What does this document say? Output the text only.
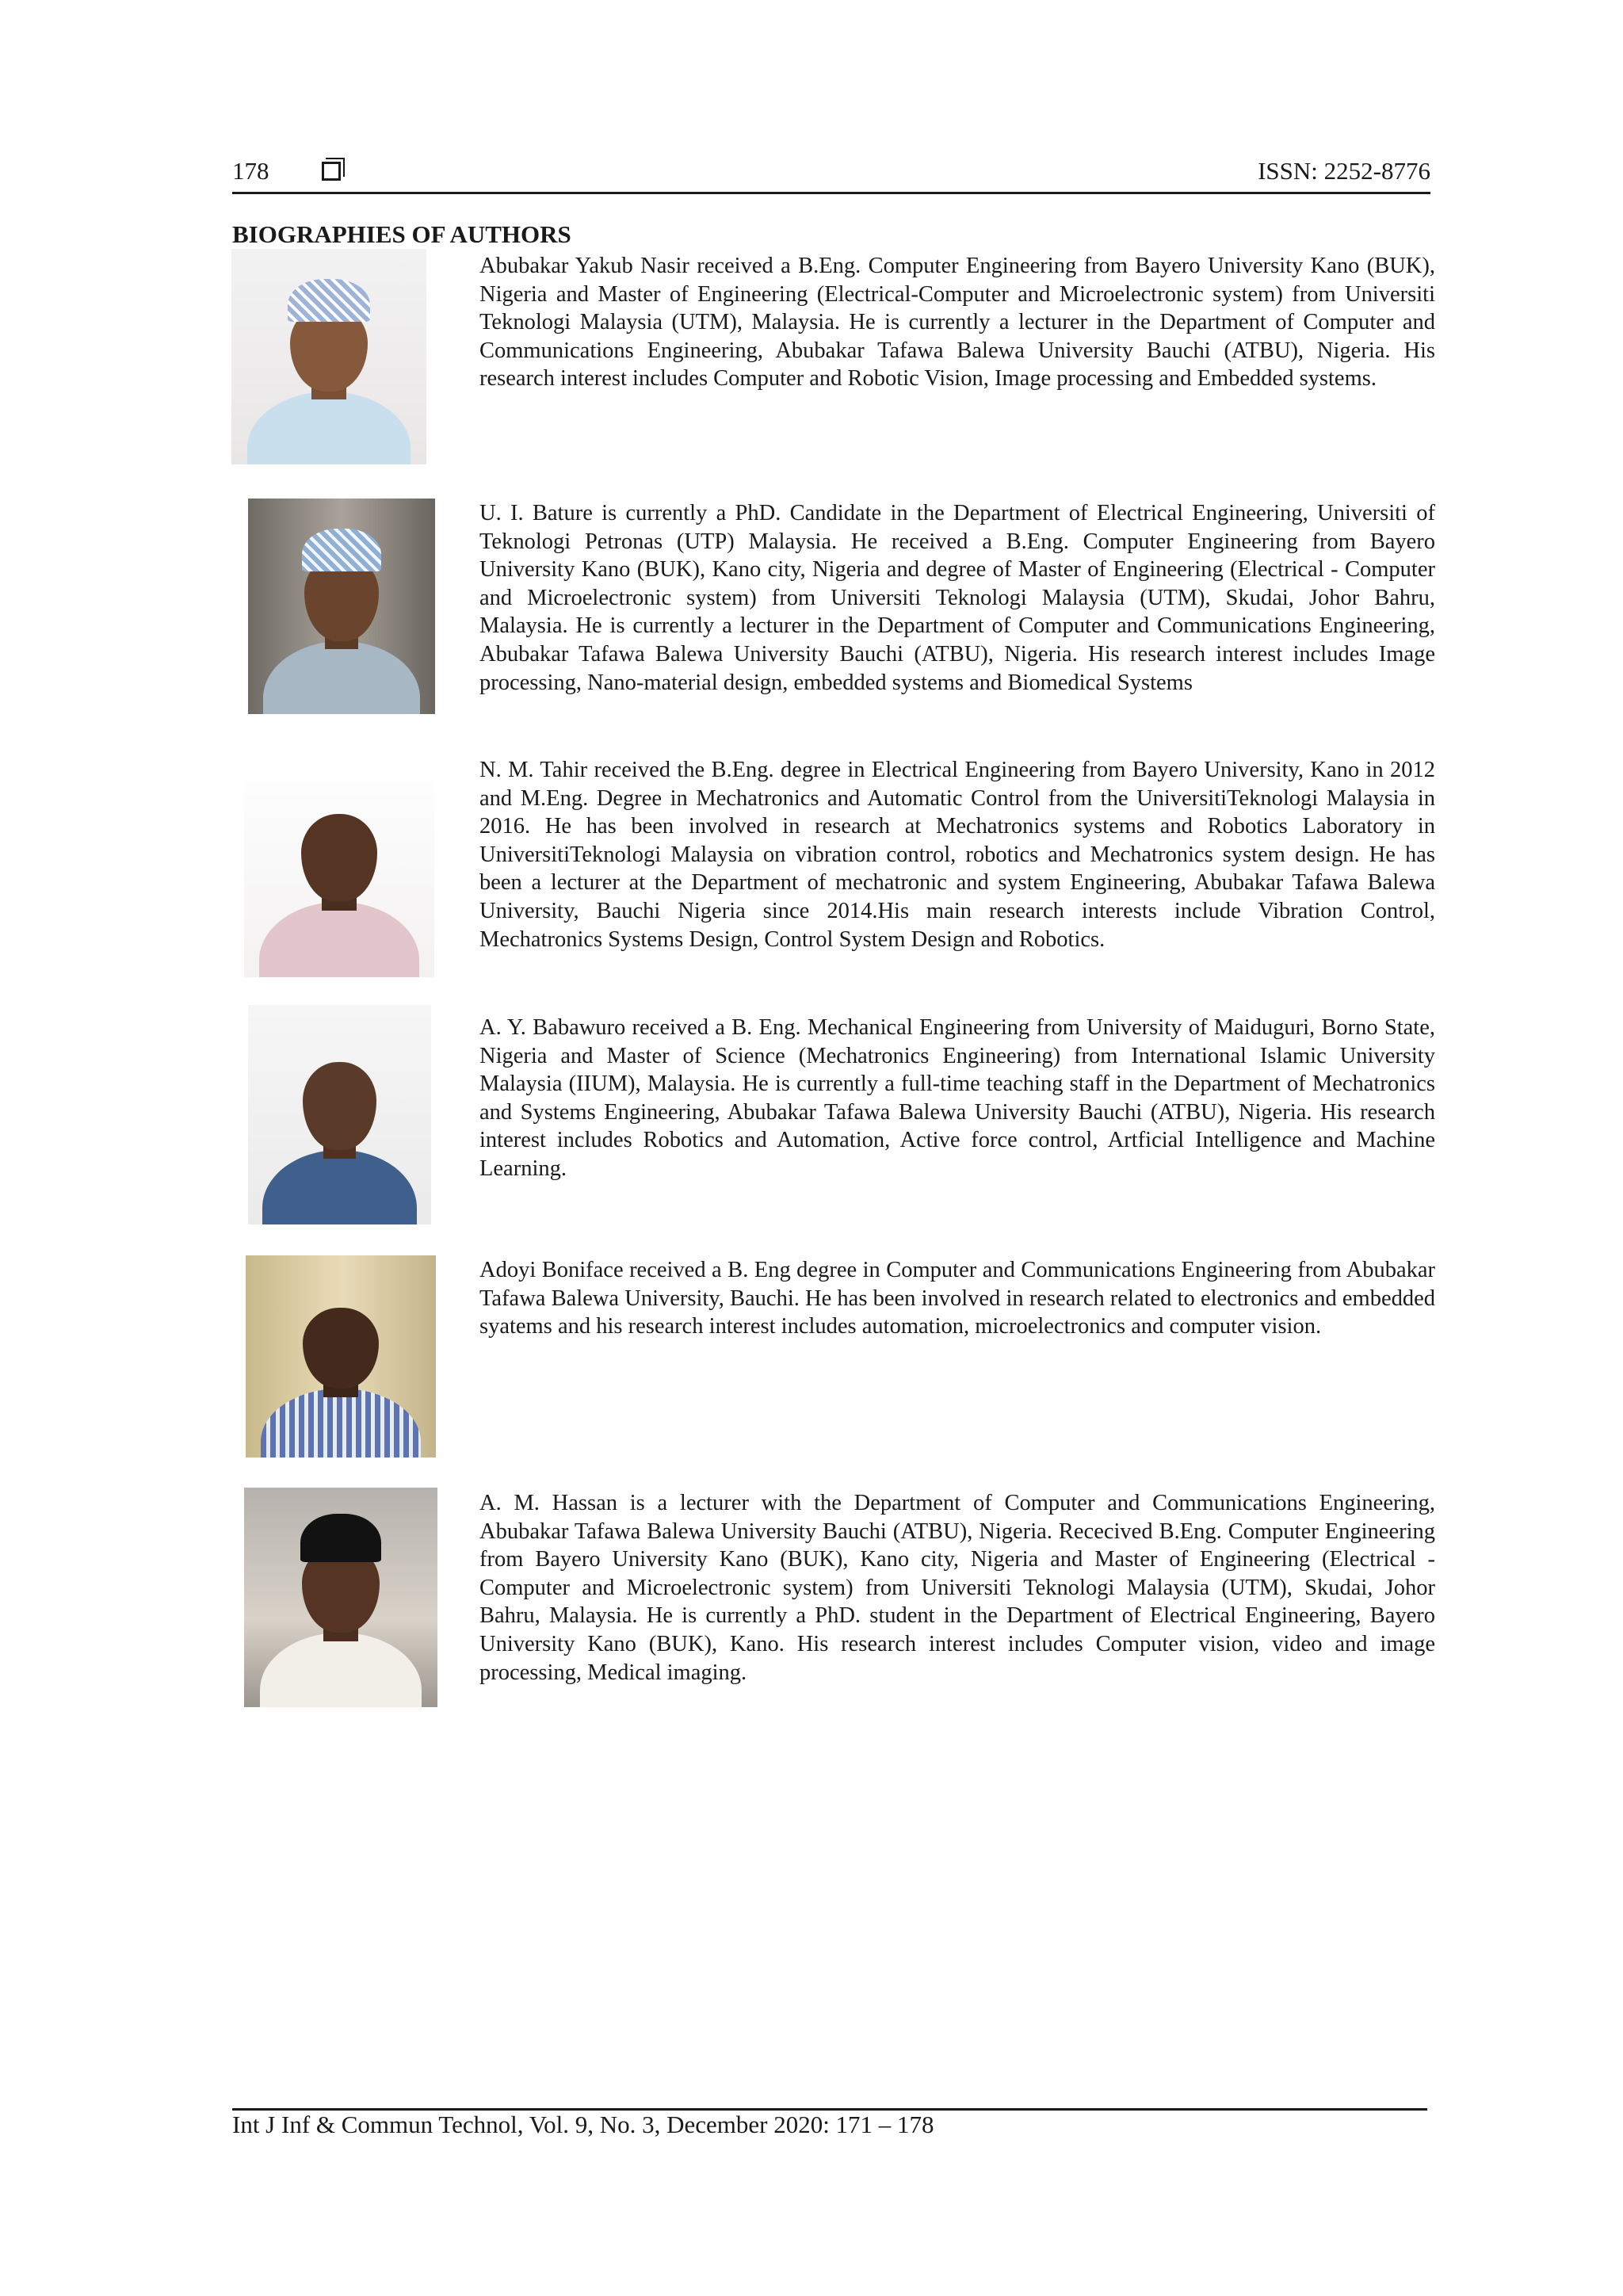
178	ISSN: 2252-8776
BIOGRAPHIES OF AUTHORS
Abubakar Yakub Nasir received a B.Eng. Computer Engineering from Bayero University Kano (BUK), Nigeria and Master of Engineering (Electrical-Computer and Microelectronic system) from Universiti Teknologi Malaysia (UTM), Malaysia. He is currently a lecturer in the Department of Computer and Communications Engineering, Abubakar Tafawa Balewa University Bauchi (ATBU), Nigeria. His research interest includes Computer and Robotic Vision, Image processing and Embedded systems.
U. I. Bature is currently a PhD. Candidate in the Department of Electrical Engineering, Universiti of Teknologi Petronas (UTP) Malaysia. He received a B.Eng. Computer Engineering from Bayero University Kano (BUK), Kano city, Nigeria and degree of Master of Engineering (Electrical - Computer and Microelectronic system) from Universiti Teknologi Malaysia (UTM), Skudai, Johor Bahru, Malaysia. He is currently a lecturer in the Department of Computer and Communications Engineering, Abubakar Tafawa Balewa University Bauchi (ATBU), Nigeria. His research interest includes Image processing, Nano-material design, embedded systems and Biomedical Systems
N. M. Tahir received the B.Eng. degree in Electrical Engineering from Bayero University, Kano in 2012 and M.Eng. Degree in Mechatronics and Automatic Control from the UniversitiTeknologi Malaysia in 2016. He has been involved in research at Mechatronics systems and Robotics Laboratory in UniversitiTeknologi Malaysia on vibration control, robotics and Mechatronics system design. He has been a lecturer at the Department of mechatronic and system Engineering, Abubakar Tafawa Balewa University, Bauchi Nigeria since 2014.His main research interests include Vibration Control, Mechatronics Systems Design, Control System Design and Robotics.
A. Y. Babawuro received a B. Eng. Mechanical Engineering from University of Maiduguri, Borno State, Nigeria and Master of Science (Mechatronics Engineering) from International Islamic University Malaysia (IIUM), Malaysia. He is currently a full-time teaching staff in the Department of Mechatronics and Systems Engineering, Abubakar Tafawa Balewa University Bauchi (ATBU), Nigeria. His research interest includes Robotics and Automation, Active force control, Artficial Intelligence and Machine Learning.
Adoyi Boniface received a B. Eng degree in Computer and Communications Engineering from Abubakar Tafawa Balewa University, Bauchi. He has been involved in research related to electronics and embedded syatems and his research interest includes automation, microelectronics and computer vision.
A. M. Hassan is a lecturer with the Department of Computer and Communications Engineering, Abubakar Tafawa Balewa University Bauchi (ATBU), Nigeria. Rececived B.Eng. Computer Engineering from Bayero University Kano (BUK), Kano city, Nigeria and Master of Engineering (Electrical - Computer and Microelectronic system) from Universiti Teknologi Malaysia (UTM), Skudai, Johor Bahru, Malaysia. He is currently a PhD. student in the Department of Electrical Engineering, Bayero University Kano (BUK), Kano. His research interest includes Computer vision, video and image processing, Medical imaging.
Int J Inf & Commun Technol, Vol. 9, No. 3, December 2020: 171 – 178
